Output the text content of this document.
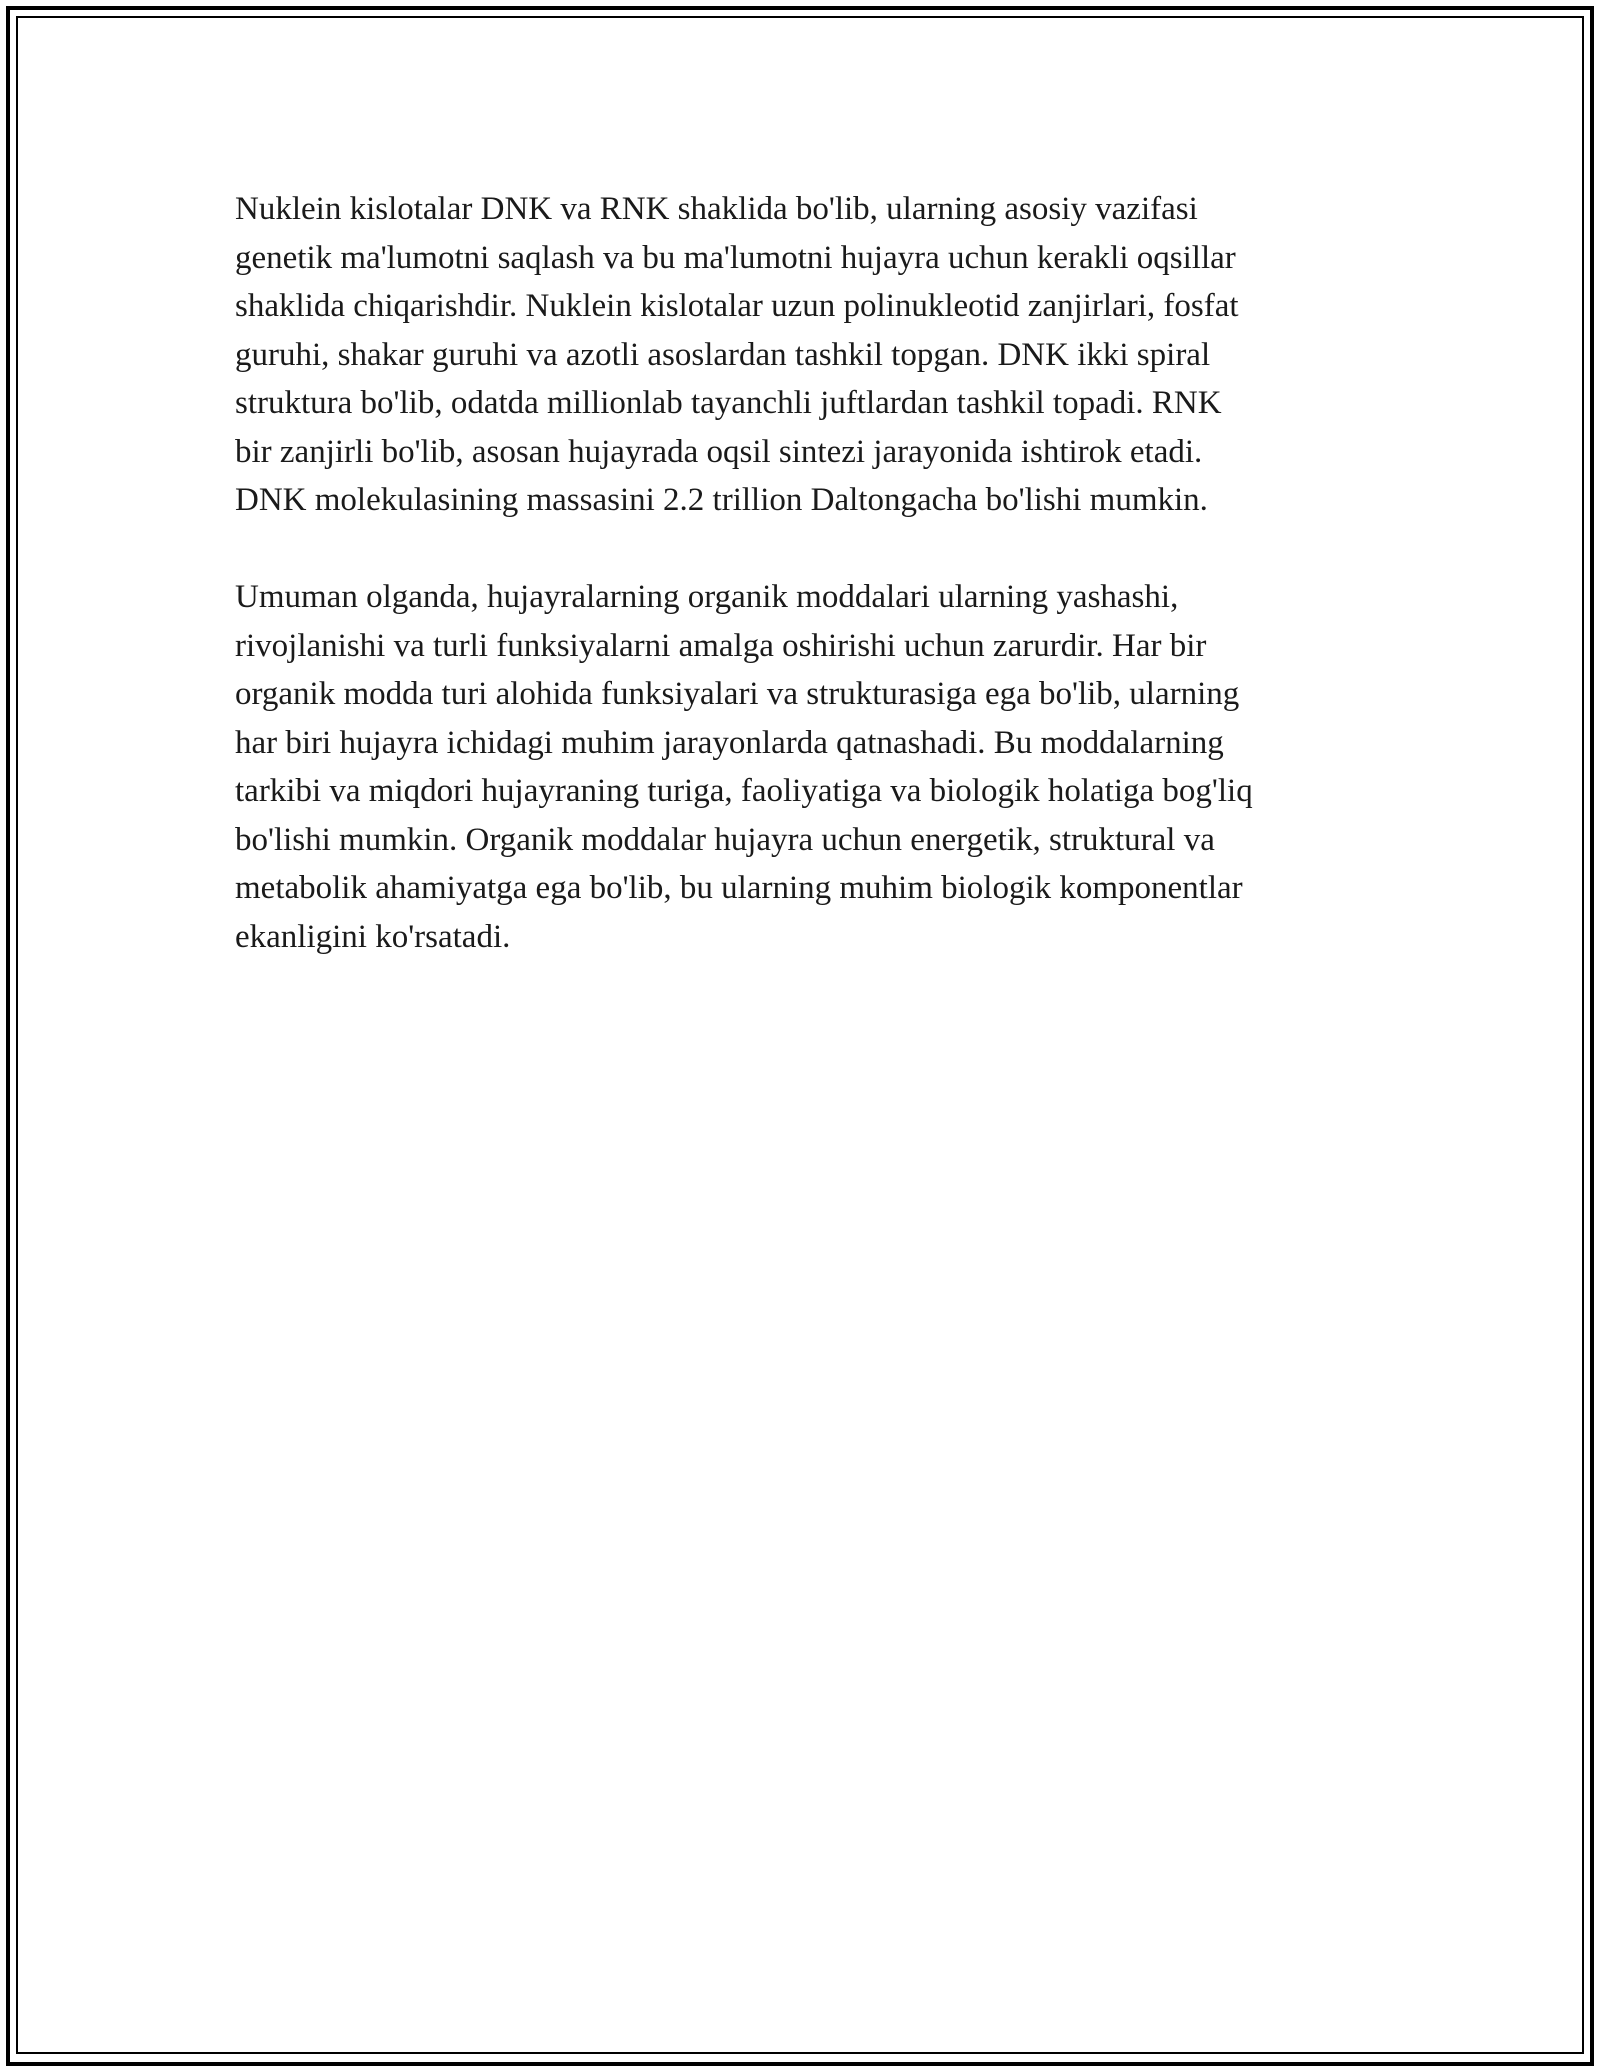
Nuklein kislotalar DNK va RNK shaklida bo'lib, ularning asosiy vazifasi
genetik ma'lumotni saqlash va bu ma'lumotni hujayra uchun kerakli oqsillar
shaklida chiqarishdir. Nuklein kislotalar uzun polinukleotid zanjirlari, fosfat
guruhi, shakar guruhi va azotli asoslardan tashkil topgan. DNK ikki spiral
struktura bo'lib, odatda millionlab tayanchli juftlardan tashkil topadi. RNK
bir zanjirli bo'lib, asosan hujayrada oqsil sintezi jarayonida ishtirok etadi.
DNK molekulasining massasini 2.2 trillion Daltongacha bo'lishi mumkin.

Umuman olganda, hujayralarning organik moddalari ularning yashashi,
rivojlanishi va turli funksiyalarni amalga oshirishi uchun zarurdir. Har bir
organik modda turi alohida funksiyalari va strukturasiga ega bo'lib, ularning
har biri hujayra ichidagi muhim jarayonlarda qatnashadi. Bu moddalarning
tarkibi va miqdori hujayraning turiga, faoliyatiga va biologik holatiga bog'liq
bo'lishi mumkin. Organik moddalar hujayra uchun energetik, struktural va
metabolik ahamiyatga ega bo'lib, bu ularning muhim biologik komponentlar
ekanligini ko'rsatadi.
